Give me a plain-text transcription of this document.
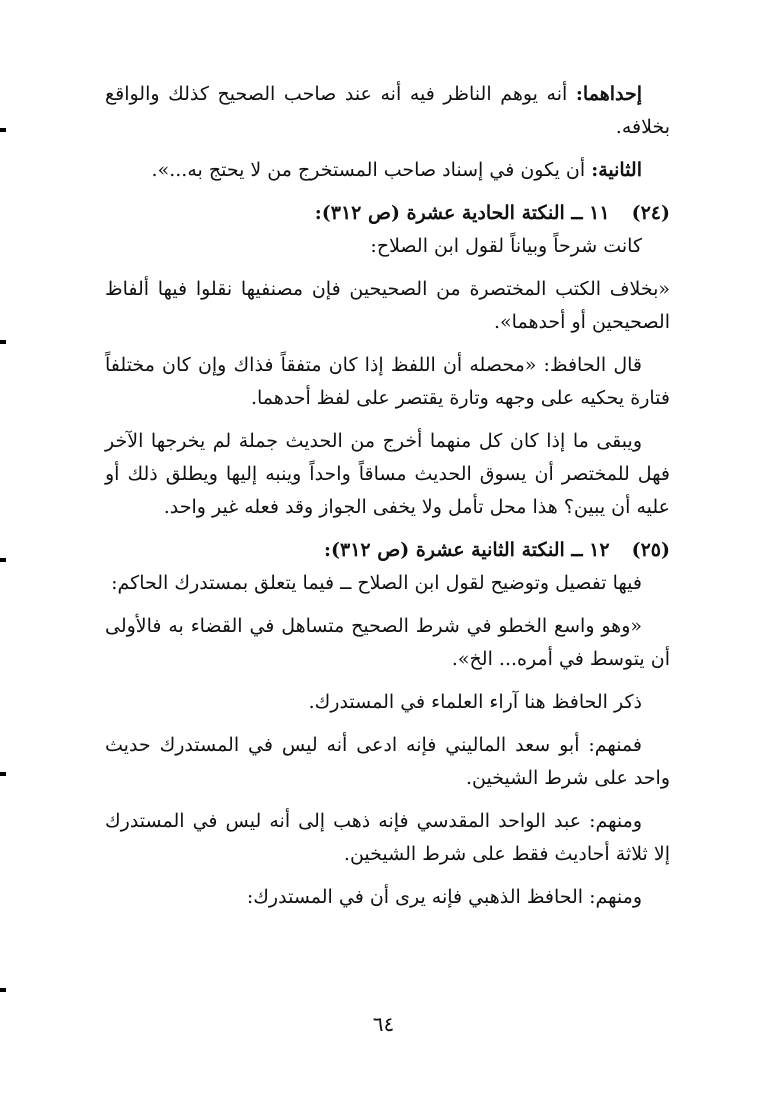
إحداهما: أنه يوهم الناظر فيه أنه عند صاحب الصحيح كذلك والواقع بخلافه.

الثانية: أن يكون في إسناد صاحب المستخرج من لا يحتج به...».

(٢٤)١١ ــ النكتة الحادية عشرة (ص ٣١٢):

كانت شرحاً وبياناً لقول ابن الصلاح:

«بخلاف الكتب المختصرة من الصحيحين فإن مصنفيها نقلوا فيها ألفاظ الصحيحين أو أحدهما».

قال الحافظ: «محصله أن اللفظ إذا كان متفقاً فذاك وإن كان مختلفاً فتارة يحكيه على وجهه وتارة يقتصر على لفظ أحدهما.

ويبقى ما إذا كان كل منهما أخرج من الحديث جملة لم يخرجها الآخر فهل للمختصر أن يسوق الحديث مساقاً واحداً وينبه إليها ويطلق ذلك أو عليه أن يبين؟ هذا محل تأمل ولا يخفى الجواز وقد فعله غير واحد.

(٢٥)١٢ ــ النكتة الثانية عشرة (ص ٣١٢):

فيها تفصيل وتوضيح لقول ابن الصلاح ــ فيما يتعلق بمستدرك الحاكم:

«وهو واسع الخطو في شرط الصحيح متساهل في القضاء به فالأولى أن يتوسط في أمره... الخ».

ذكر الحافظ هنا آراء العلماء في المستدرك.

فمنهم: أبو سعد الماليني فإنه ادعى أنه ليس في المستدرك حديث واحد على شرط الشيخين.

ومنهم: عبد الواحد المقدسي فإنه ذهب إلى أنه ليس في المستدرك إلا ثلاثة أحاديث فقط على شرط الشيخين.

ومنهم: الحافظ الذهبي فإنه يرى أن في المستدرك:

٦٤
